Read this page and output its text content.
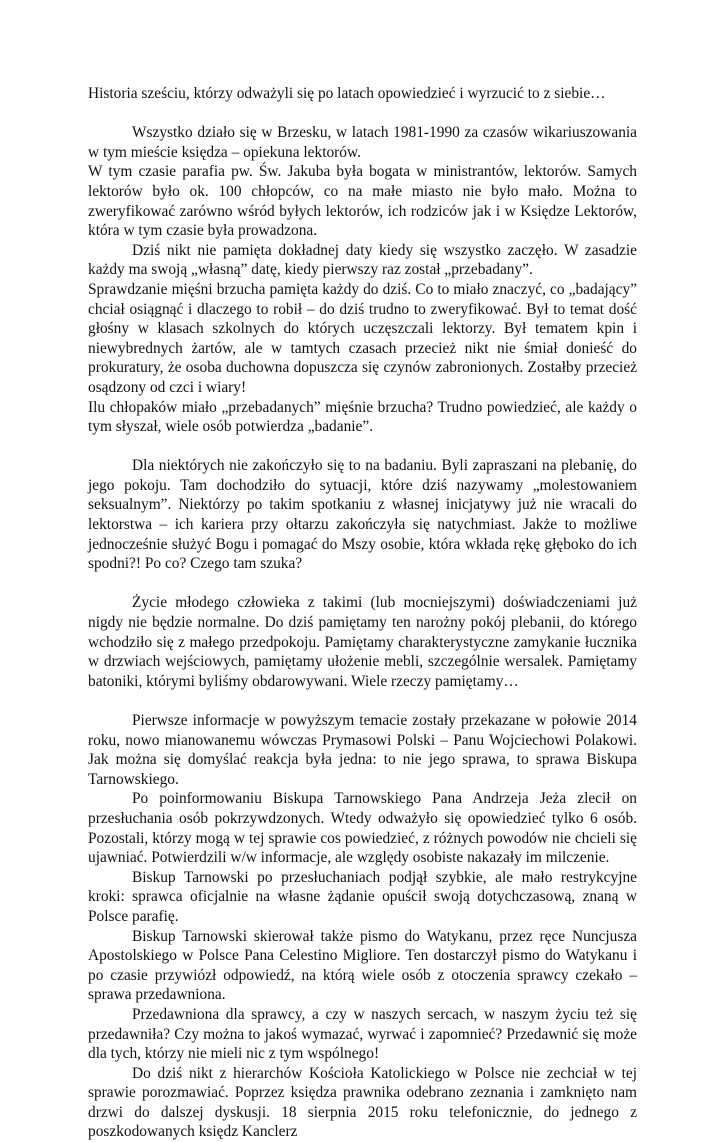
Historia sześciu, którzy odważyli się po latach opowiedzieć i wyrzucić to z siebie…

Wszystko działo się w Brzesku, w latach 1981-1990 za czasów wikariuszowania w tym mieście księdza – opiekuna lektorów.

W tym czasie parafia pw. Św. Jakuba była bogata w ministrantów, lektorów. Samych lektorów było ok. 100 chłopców, co na małe miasto nie było mało. Można to zweryfikować zarówno wśród byłych lektorów, ich rodziców jak i w Księdze Lektorów, która w tym czasie była prowadzona.

Dziś nikt nie pamięta dokładnej daty kiedy się wszystko zaczęło. W zasadzie każdy ma swoją „własną” datę, kiedy pierwszy raz został „przebadany”.

Sprawdzanie mięśni brzucha pamięta każdy do dziś. Co to miało znaczyć, co „badający” chciał osiągnąć i dlaczego to robił – do dziś trudno to zweryfikować. Był to temat dość głośny w klasach szkolnych do których uczęszczali lektorzy. Był tematem kpin i niewybrednych żartów, ale w tamtych czasach przecież nikt nie śmiał donieść do prokuratury, że osoba duchowna dopuszcza się czynów zabronionych. Zostałby przecież osądzony od czci i wiary!

Ilu chłopaków miało „przebadanych” mięśnie brzucha? Trudno powiedzieć, ale każdy o tym słyszał, wiele osób potwierdza „badanie”.

Dla niektórych nie zakończyło się to na badaniu. Byli zapraszani na plebanię, do jego pokoju. Tam dochodziło do sytuacji, które dziś nazywamy „molestowaniem seksualnym”. Niektórzy po takim spotkaniu z własnej inicjatywy już nie wracali do lektorstwa – ich kariera przy ołtarzu zakończyła się natychmiast. Jakże to możliwe jednocześnie służyć Bogu i pomagać do Mszy osobie, która wkłada rękę głęboko do ich spodni?! Po co? Czego tam szuka?

Życie młodego człowieka z takimi (lub mocniejszymi) doświadczeniami już nigdy nie będzie normalne. Do dziś pamiętamy ten narożny pokój plebanii, do którego wchodziło się z małego przedpokoju. Pamiętamy charakterystyczne zamykanie łucznika w drzwiach wejściowych, pamiętamy ułożenie mebli, szczególnie wersalek. Pamiętamy batoniki, którymi byliśmy obdarowywani. Wiele rzeczy pamiętamy…

Pierwsze informacje w powyższym temacie zostały przekazane w połowie 2014 roku, nowo mianowanemu wówczas Prymasowi Polski – Panu Wojciechowi Polakowi. Jak można się domyślać reakcja była jedna: to nie jego sprawa, to sprawa Biskupa Tarnowskiego.

Po poinformowaniu Biskupa Tarnowskiego Pana Andrzeja Jeża zlecił on przesłuchania osób pokrzywdzonych. Wtedy odważyło się opowiedzieć tylko 6 osób. Pozostali, którzy mogą w tej sprawie cos powiedzieć, z różnych powodów nie chcieli się ujawniać. Potwierdzili w/w informacje, ale względy osobiste nakazały im milczenie.

Biskup Tarnowski po przesłuchaniach podjął szybkie, ale mało restrykcyjne kroki: sprawca oficjalnie na własne żądanie opuścił swoją dotychczasową, znaną w Polsce parafię.

Biskup Tarnowski skierował także pismo do Watykanu, przez ręce Nuncjusza Apostolskiego w Polsce Pana Celestino Migliore. Ten dostarczył pismo do Watykanu i po czasie przywiózł odpowiedź, na którą wiele osób z otoczenia sprawcy czekało – sprawa przedawniona.

Przedawniona dla sprawcy, a czy w naszych sercach, w naszym życiu też się przedawniła? Czy można to jakoś wymazać, wyrwać i zapomnieć? Przedawnić się może dla tych, którzy nie mieli nic z tym wspólnego!

Do dziś nikt z hierarchów Kościoła Katolickiego w Polsce nie zechciał w tej sprawie porozmawiać. Poprzez księdza prawnika odebrano zeznania i zamknięto nam drzwi do dalszej dyskusji. 18 sierpnia 2015 roku telefonicznie, do jednego z poszkodowanych księdz Kanclerz
